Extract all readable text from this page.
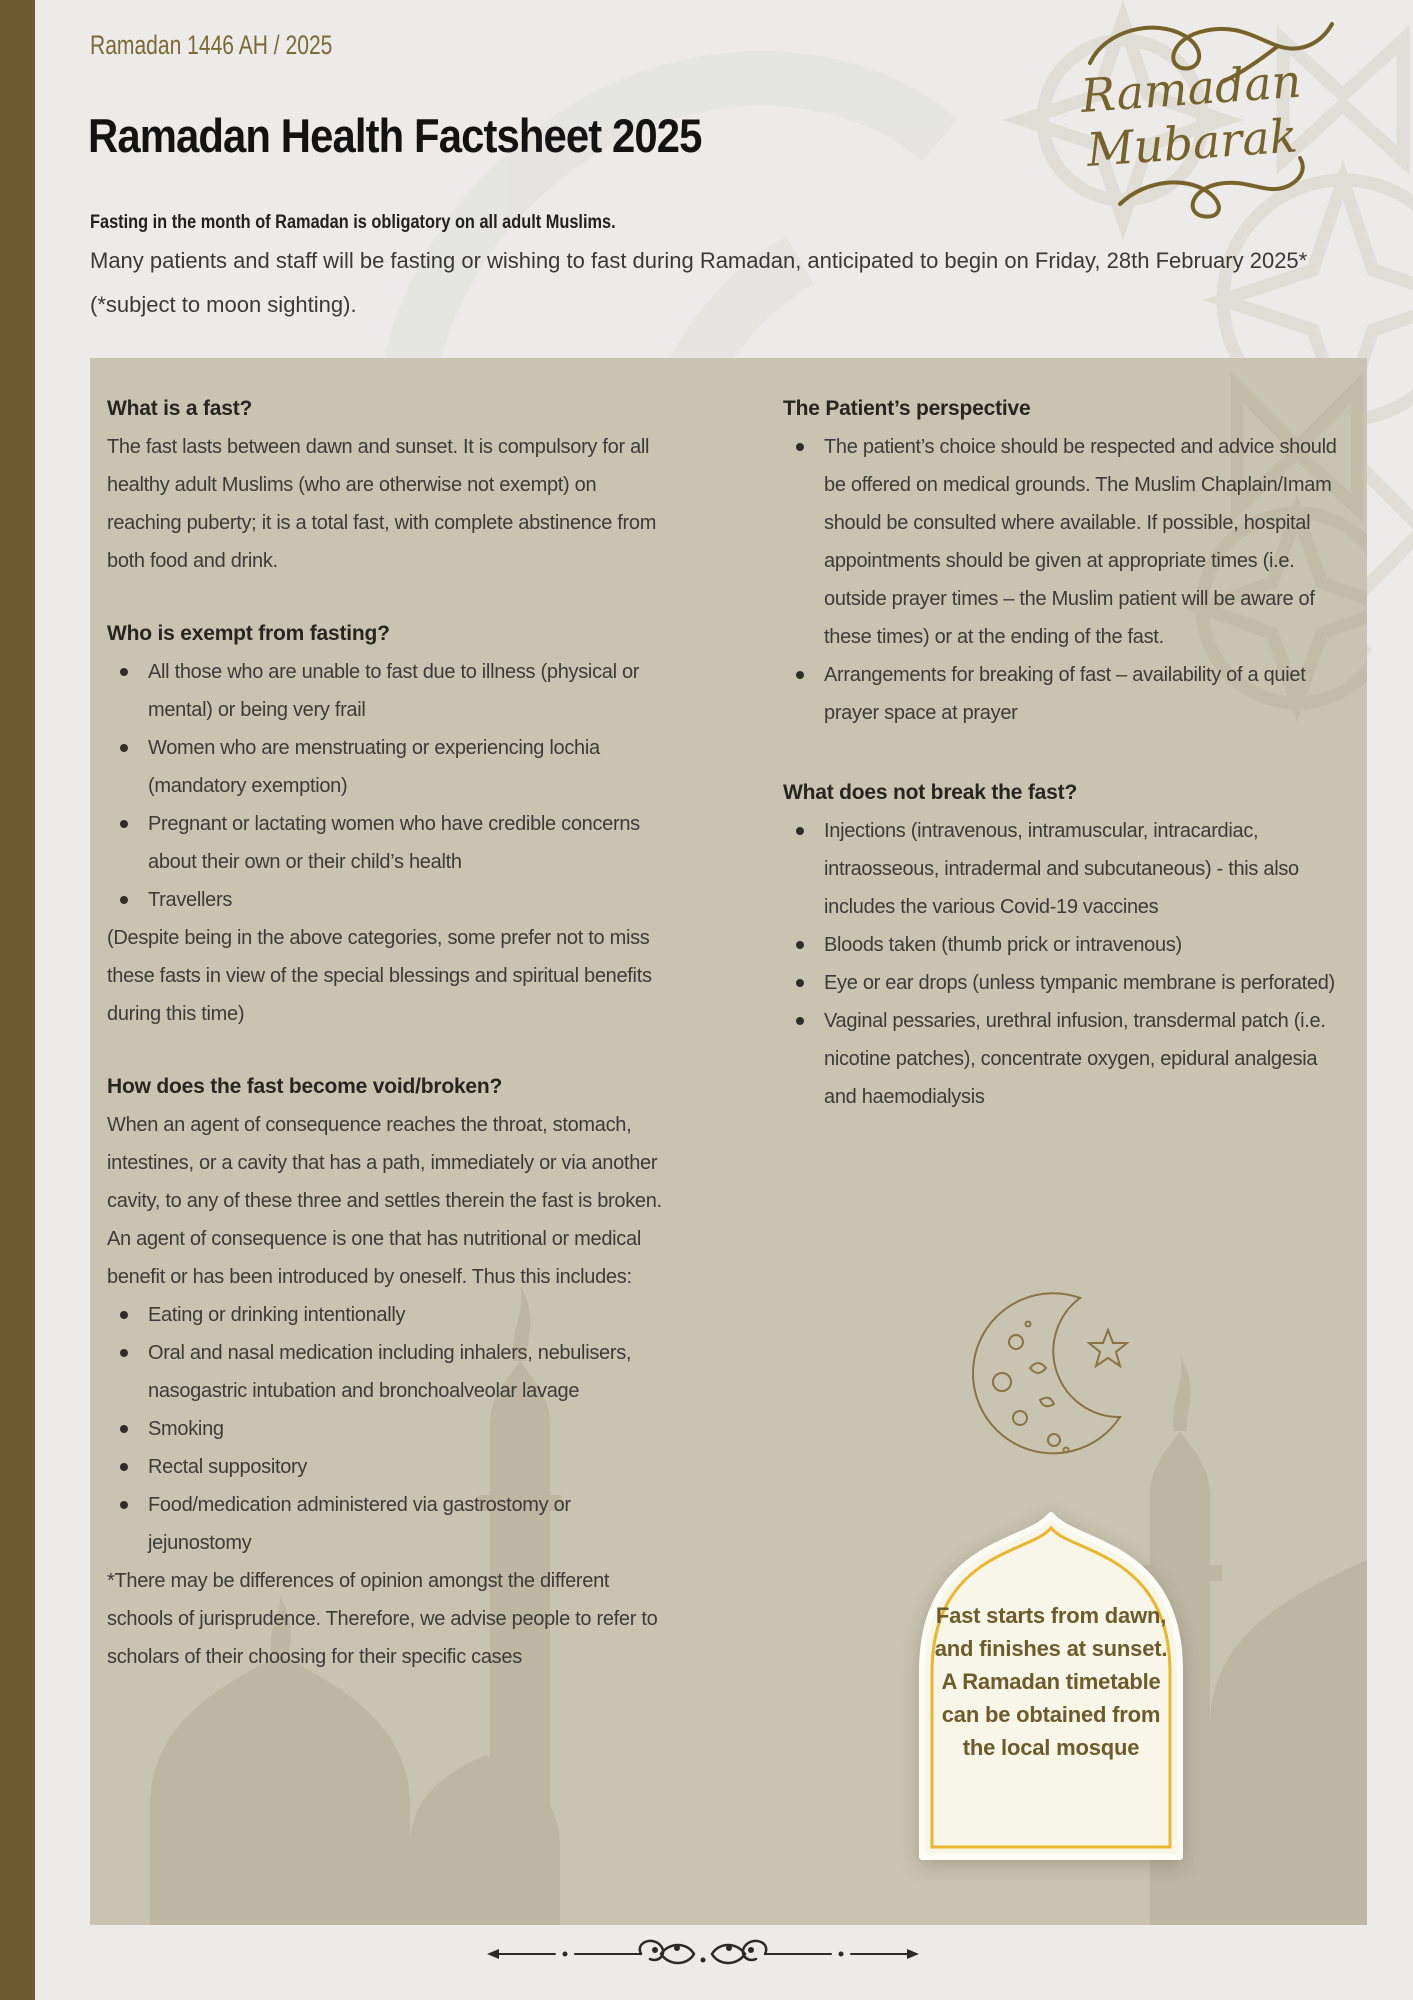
Ramadan 1446 AH / 2025
Ramadan Health Factsheet 2025
Fasting in the month of Ramadan is obligatory on all adult Muslims.

Many patients and staff will be fasting or wishing to fast during Ramadan, anticipated to begin on Friday, 28th February 2025* (*subject to moon sighting).

Ramadan
Mubarak
What is a fast?

The fast lasts between dawn and sunset. It is compulsory for all healthy adult Muslims (who are otherwise not exempt) on reaching puberty; it is a total fast, with complete abstinence from both food and drink.

Who is exempt from fasting?
All those who are unable to fast due to illness (physical or mental) or being very frail
Women who are menstruating or experiencing lochia (mandatory exemption)
Pregnant or lactating women who have credible concerns about their own or their child’s health
Travellers

(Despite being in the above categories, some prefer not to miss these fasts in view of the special blessings and spiritual benefits during this time)

How does the fast become void/broken?

When an agent of consequence reaches the throat, stomach, intestines, or a cavity that has a path, immediately or via another cavity, to any of these three and settles therein the fast is broken. An agent of consequence is one that has nutritional or medical benefit or has been introduced by oneself. Thus this includes:

Eating or drinking intentionally
Oral and nasal medication including inhalers, nebulisers, nasogastric intubation and bronchoalveolar lavage
Smoking
Rectal suppository
Food/medication administered via gastrostomy or jejunostomy

*There may be differences of opinion amongst the different schools of jurisprudence. Therefore, we advise people to refer to scholars of their choosing for their specific cases

The Patient’s perspective
The patient’s choice should be respected and advice should be offered on medical grounds. The Muslim Chaplain/Imam should be consulted where available. If possible, hospital appointments should be given at appropriate times (i.e. outside prayer times – the Muslim patient will be aware of these times) or at the ending of the fast.
Arrangements for breaking of fast – availability of a quiet prayer space at prayer
What does not break the fast?
Injections (intravenous, intramuscular, intracardiac, intraosseous, intradermal and subcutaneous) - this also includes the various Covid-19 vaccines
Bloods taken (thumb prick or intravenous)
Eye or ear drops (unless tympanic membrane is perforated)
Vaginal pessaries, urethral infusion, transdermal patch (i.e. nicotine patches), concentrate oxygen, epidural analgesia and haemodialysis
Fast starts from dawn, and finishes at sunset. A Ramadan timetable can be obtained from the local mosque
